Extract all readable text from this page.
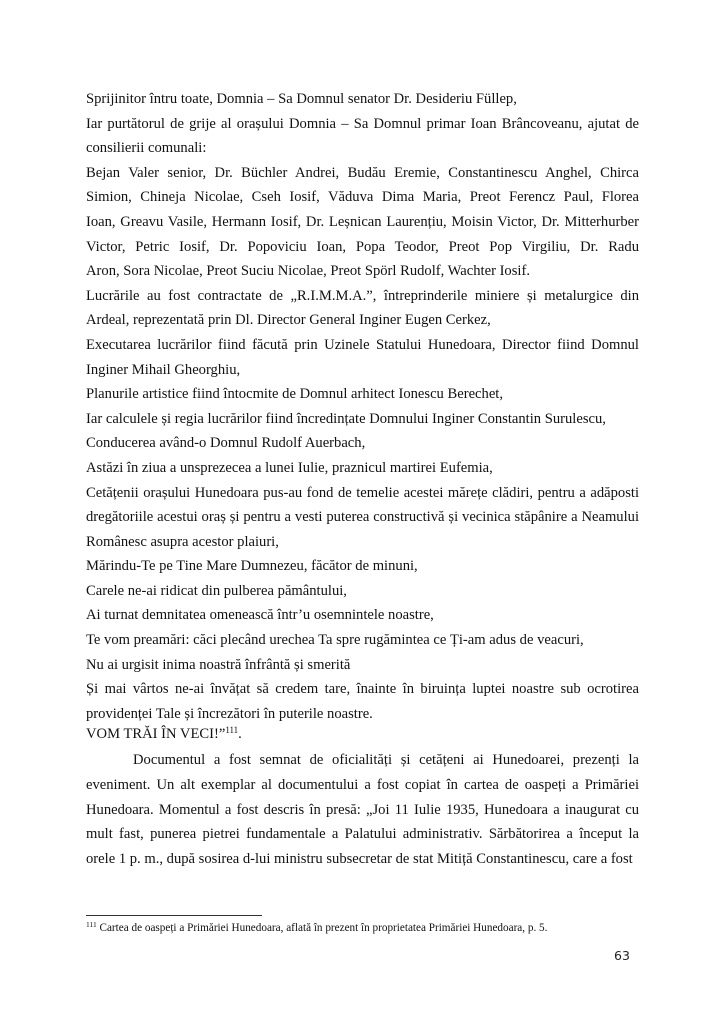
Sprijinitor întru toate, Domnia – Sa Domnul senator Dr. Desideriu Füllep,
Iar purtătorul de grije al orașului Domnia – Sa Domnul primar Ioan Brâncoveanu, ajutat de
consilierii comunali:
Bejan Valer senior, Dr. Büchler Andrei, Budău Eremie, Constantinescu Anghel, Chirca
Simion, Chineja Nicolae, Cseh Iosif, Văduva Dima Maria, Preot Ferencz Paul, Florea
Ioan, Greavu Vasile, Hermann Iosif, Dr. Leșnican Laurențiu, Moisin Victor, Dr. Mitterhurber
Victor, Petric Iosif, Dr. Popoviciu Ioan, Popa Teodor, Preot Pop Virgiliu, Dr. Radu
Aron, Sora Nicolae, Preot Suciu Nicolae, Preot Spörl Rudolf, Wachter Iosif.
Lucrările au fost contractate de „R.I.M.M.A.”, întreprinderile miniere și metalurgice din
Ardeal, reprezentată prin Dl. Director General Inginer Eugen Cerkez,
Executarea lucrărilor fiind făcută prin Uzinele Statului Hunedoara, Director fiind Domnul
Inginer Mihail Gheorghiu,
Planurile artistice fiind întocmite de Domnul arhitect Ionescu Berechet,
Iar calculele și regia lucrărilor fiind încredințate Domnului Inginer Constantin Surulescu,
Conducerea având-o Domnul Rudolf Auerbach,
Astăzi în ziua a unsprezecea a lunei Iulie, praznicul martirei Eufemia,
Cetățenii orașului Hunedoara pus-au fond de temelie acestei mărețe clădiri, pentru a adăposti
dregătoriile acestui oraș și pentru a vesti puterea constructivă și vecinica stăpânire a Neamului
Românesc asupra acestor plaiuri,
Mărindu-Te pe Tine Mare Dumnezeu, făcător de minuni,
Carele ne-ai ridicat din pulberea pământului,
Ai turnat demnitatea omenească într’u osemnintele noastre,
Te vom preamări: căci plecând urechea Ta spre rugămintea ce Ți-am adus de veacuri,
Nu ai urgisit inima noastră înfrântă și smerită
Și mai vârtos ne-ai învățat să credem tare, înainte în biruința luptei noastre sub ocrotirea
providenței Tale și încrezători în puterile noastre.
VOM TRĂI ÎN VECI!”$^{111}$.
Documentul a fost semnat de oficialități și cetățeni ai Hunedoarei, prezenți la eveniment. Un alt exemplar al documentului a fost copiat în cartea de oaspeți a Primăriei Hunedoara. Momentul a fost descris în presă: „Joi 11 Iulie 1935, Hunedoara a inaugurat cu mult fast, punerea pietrei fundamentale a Palatului administrativ. Sărbătorirea a început la orele 1 p. m., după sosirea d-lui ministru subsecretar de stat Mitiță Constantinescu, care a fost
$^{111}$ Cartea de oaspeți a Primăriei Hunedoara, aflată în prezent în proprietatea Primăriei Hunedoara, p. 5.
63
